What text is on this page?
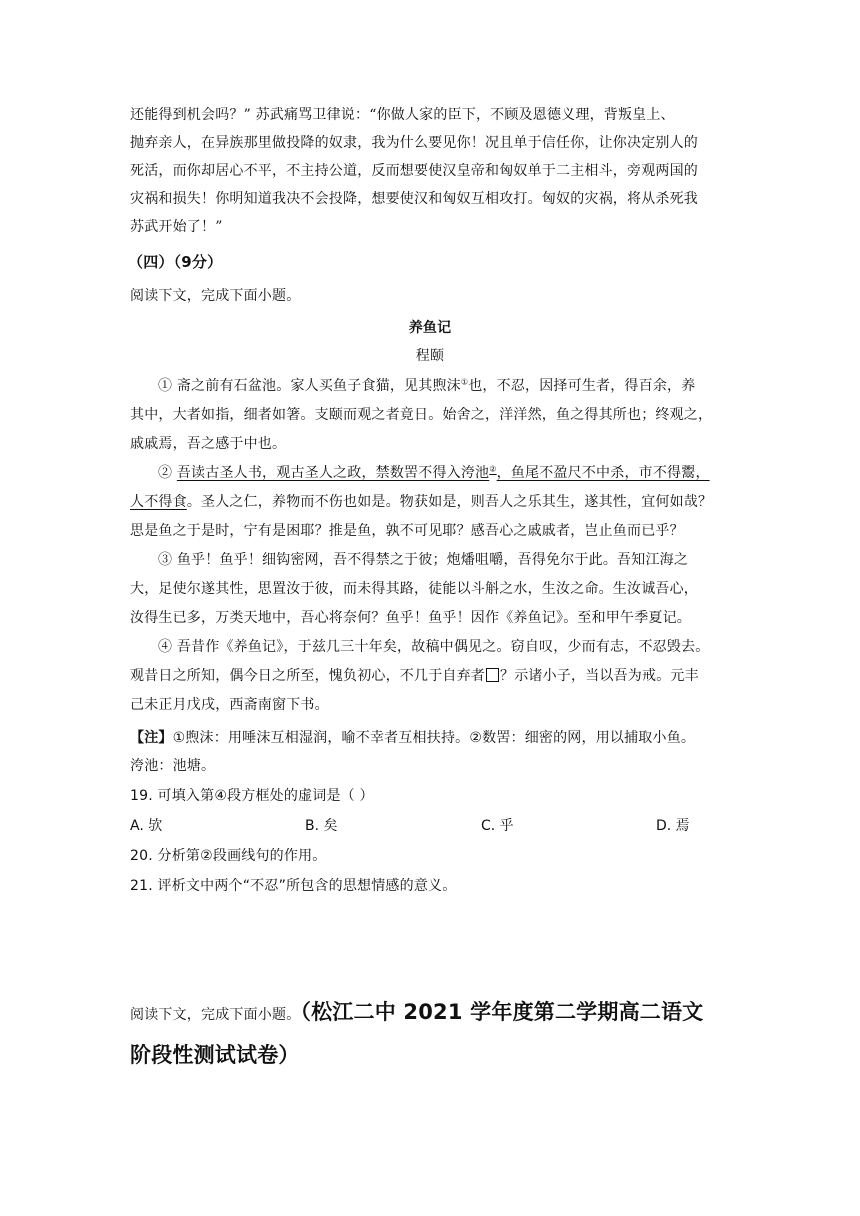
还能得到机会吗？” 苏武痛骂卫律说：“你做人家的臣下，不顾及恩德义理，背叛皇上、
抛弃亲人，在异族那里做投降的奴隶，我为什么要见你！况且单于信任你，让你决定别人的
死活，而你却居心不平，不主持公道，反而想要使汉皇帝和匈奴单于二主相斗，旁观两国的
灾祸和损失！你明知道我决不会投降，想要使汉和匈奴互相攻打。匈奴的灾祸，将从杀死我
苏武开始了！”
（四）（9分）
阅读下文，完成下面小题。
养鱼记
程颐
① 斋之前有石盆池。家人买鱼子食猫，见其煦沫①也，不忍，因择可生者，得百余，养
其中，大者如指，细者如箸。支颐而观之者竟日。始舍之，洋洋然，鱼之得其所也；终观之，
戚戚焉，吾之感于中也。
② 吾读古圣人书，观古圣人之政，禁数罟不得入洿池②，鱼尾不盈尺不中杀，市不得鬻，
人不得食。圣人之仁，养物而不伤也如是。物获如是，则吾人之乐其生，遂其性，宜何如哉？
思是鱼之于是时，宁有是困耶？推是鱼，孰不可见耶？感吾心之戚戚者，岂止鱼而已乎？
③ 鱼乎！鱼乎！细钩密网，吾不得禁之于彼；炮燔咀嚼，吾得免尔于此。吾知江海之
大，足使尔遂其性，思置汝于彼，而未得其路，徒能以斗斛之水，生汝之命。生汝诚吾心，
汝得生已多，万类天地中，吾心将奈何？鱼乎！鱼乎！因作《养鱼记》。至和甲午季夏记。
④ 吾昔作《养鱼记》，于兹几三十年矣，故稿中偶见之。窃自叹，少而有志，不忍毁去。
观昔日之所知，偶今日之所至，愧负初心，不几于自弃者 ？示诸小子，当以吾为戒。元丰
己未正月戊戌，西斋南窗下书。
【注】①煦沫：用唾沫互相湿润，喻不幸者互相扶持。②数罟：细密的网，用以捕取小鱼。
洿池：池塘。
19. 可填入第④段方框处的虚词是（ ）
A. 欤	B. 矣	C. 乎	D. 焉
20. 分析第②段画线句的作用。
21. 评析文中两个“不忍”所包含的思想情感的意义。
阅读下文，完成下面小题。（松江二中 2021 学年度第二学期高二语文
阶段性测试试卷）
